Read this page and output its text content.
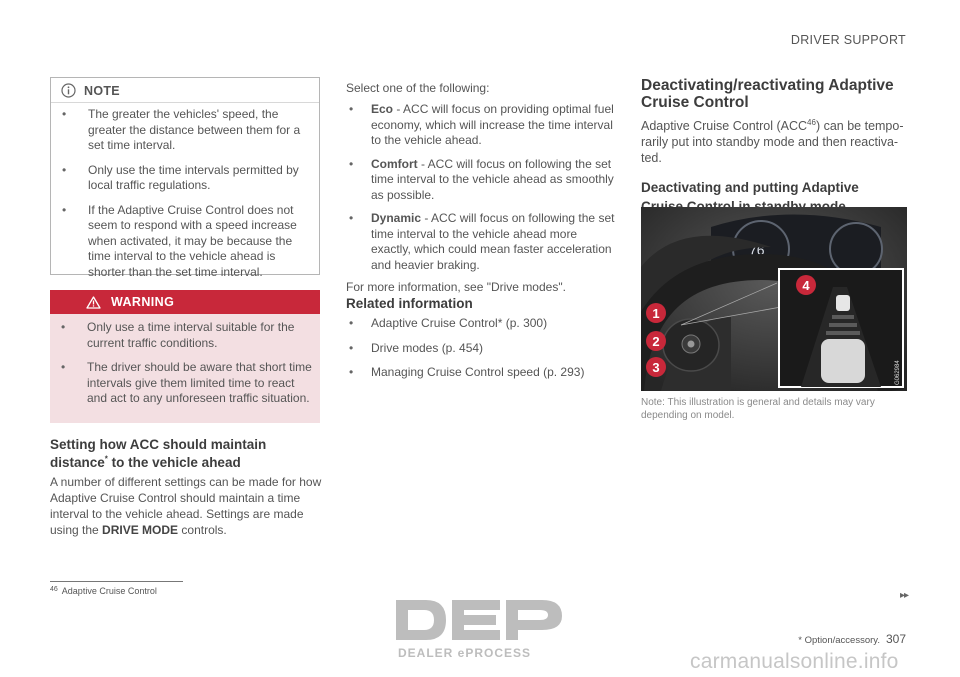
DRIVER SUPPORT
NOTE
• The greater the vehicles' speed, the greater the distance between them for a set time interval.
• Only use the time intervals permitted by local traffic regulations.
• If the Adaptive Cruise Control does not seem to respond with a speed increase when activated, it may be because the time interval to the vehicle ahead is shorter than the set time interval.
WARNING
• Only use a time interval suitable for the current traffic conditions.
• The driver should be aware that short time intervals give them limited time to react and act to any unforeseen traffic situation.
Setting how ACC should maintain
distance* to the vehicle ahead
A number of different settings can be made for how Adaptive Cruise Control should maintain a time interval to the vehicle ahead. Settings are made using the DRIVE MODE controls.
Select one of the following:
• Eco - ACC will focus on providing optimal fuel economy, which will increase the time interval to the vehicle ahead.
• Comfort - ACC will focus on following the set time interval to the vehicle ahead as smoothly as possible.
• Dynamic - ACC will focus on following the set time interval to the vehicle ahead more exactly, which could mean faster acceleration and heavier braking.
For more information, see "Drive modes".
Related information
• Adaptive Cruise Control* (p. 300)
• Drive modes (p. 454)
• Managing Cruise Control speed (p. 293)
Deactivating/reactivating Adaptive
Cruise Control
Adaptive Cruise Control (ACC$^{46}$) can be tempo-rarily put into standby mode and then reactiva-ted.
Deactivating and putting Adaptive

76
G062984
1
2
3
4
Note: This illustration is general and details may vary depending on model.
$^{46}$ Adaptive Cruise Control	▸▸
* Option/accessory. 307
DEALER ePROCESS	carmanualsonline.info
